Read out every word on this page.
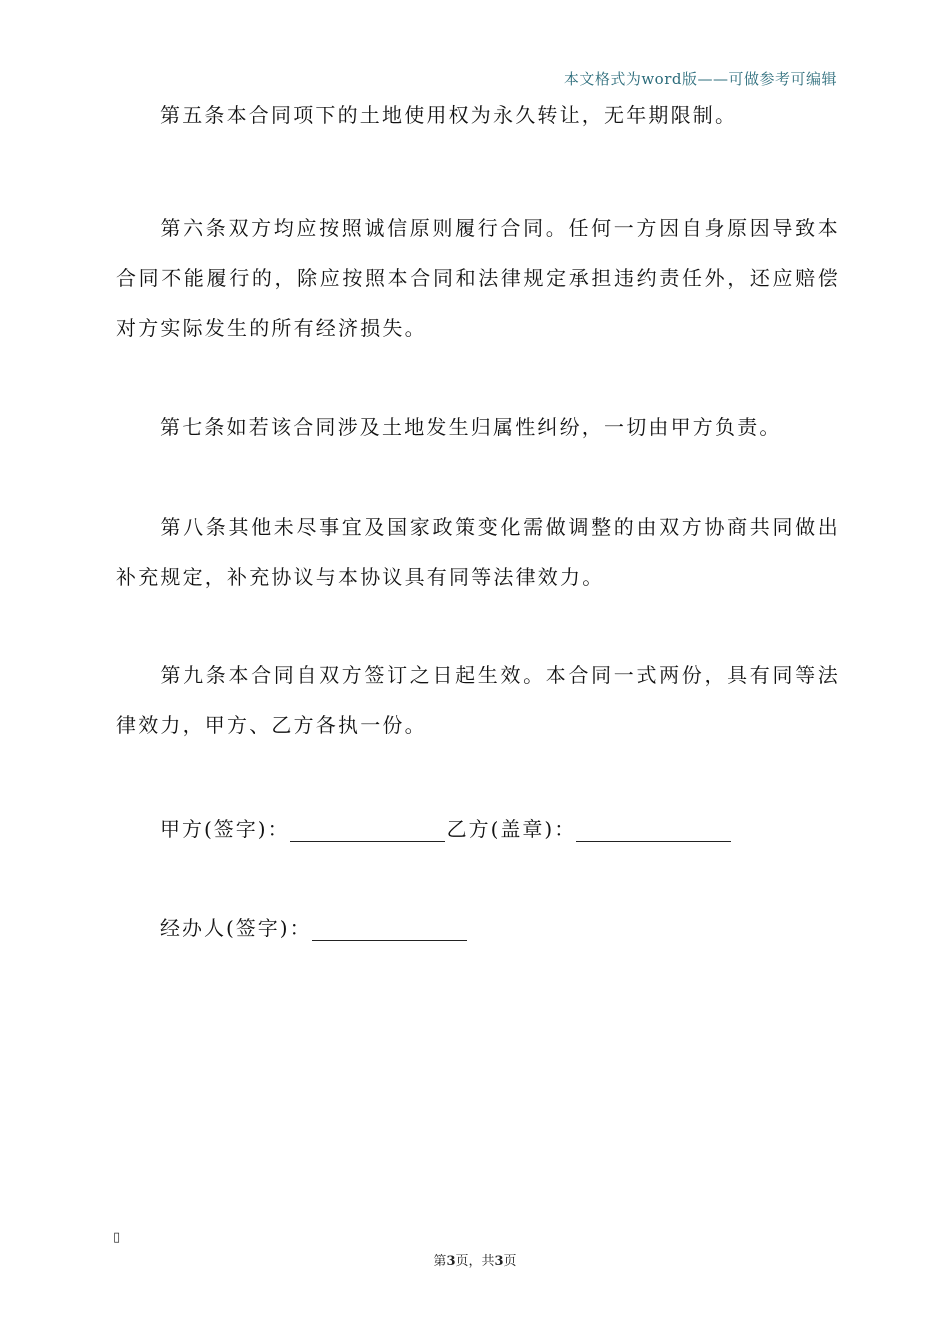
本文格式为word版——可做参考可编辑

第五条本合同项下的土地使用权为永久转让，无年期限制。

第六条双方均应按照诚信原则履行合同。任何一方因自身原因导致本合同不能履行的，除应按照本合同和法律规定承担违约责任外，还应赔偿对方实际发生的所有经济损失。

第七条如若该合同涉及土地发生归属性纠纷，一切由甲方负责。

第八条其他未尽事宜及国家政策变化需做调整的由双方协商共同做出补充规定，补充协议与本协议具有同等法律效力。

第九条本合同自双方签订之日起生效。本合同一式两份，具有同等法律效力，甲方、乙方各执一份。

甲方(签字)：	乙方(盖章)：
经办人(签字)：
▯
第3页，共3页
